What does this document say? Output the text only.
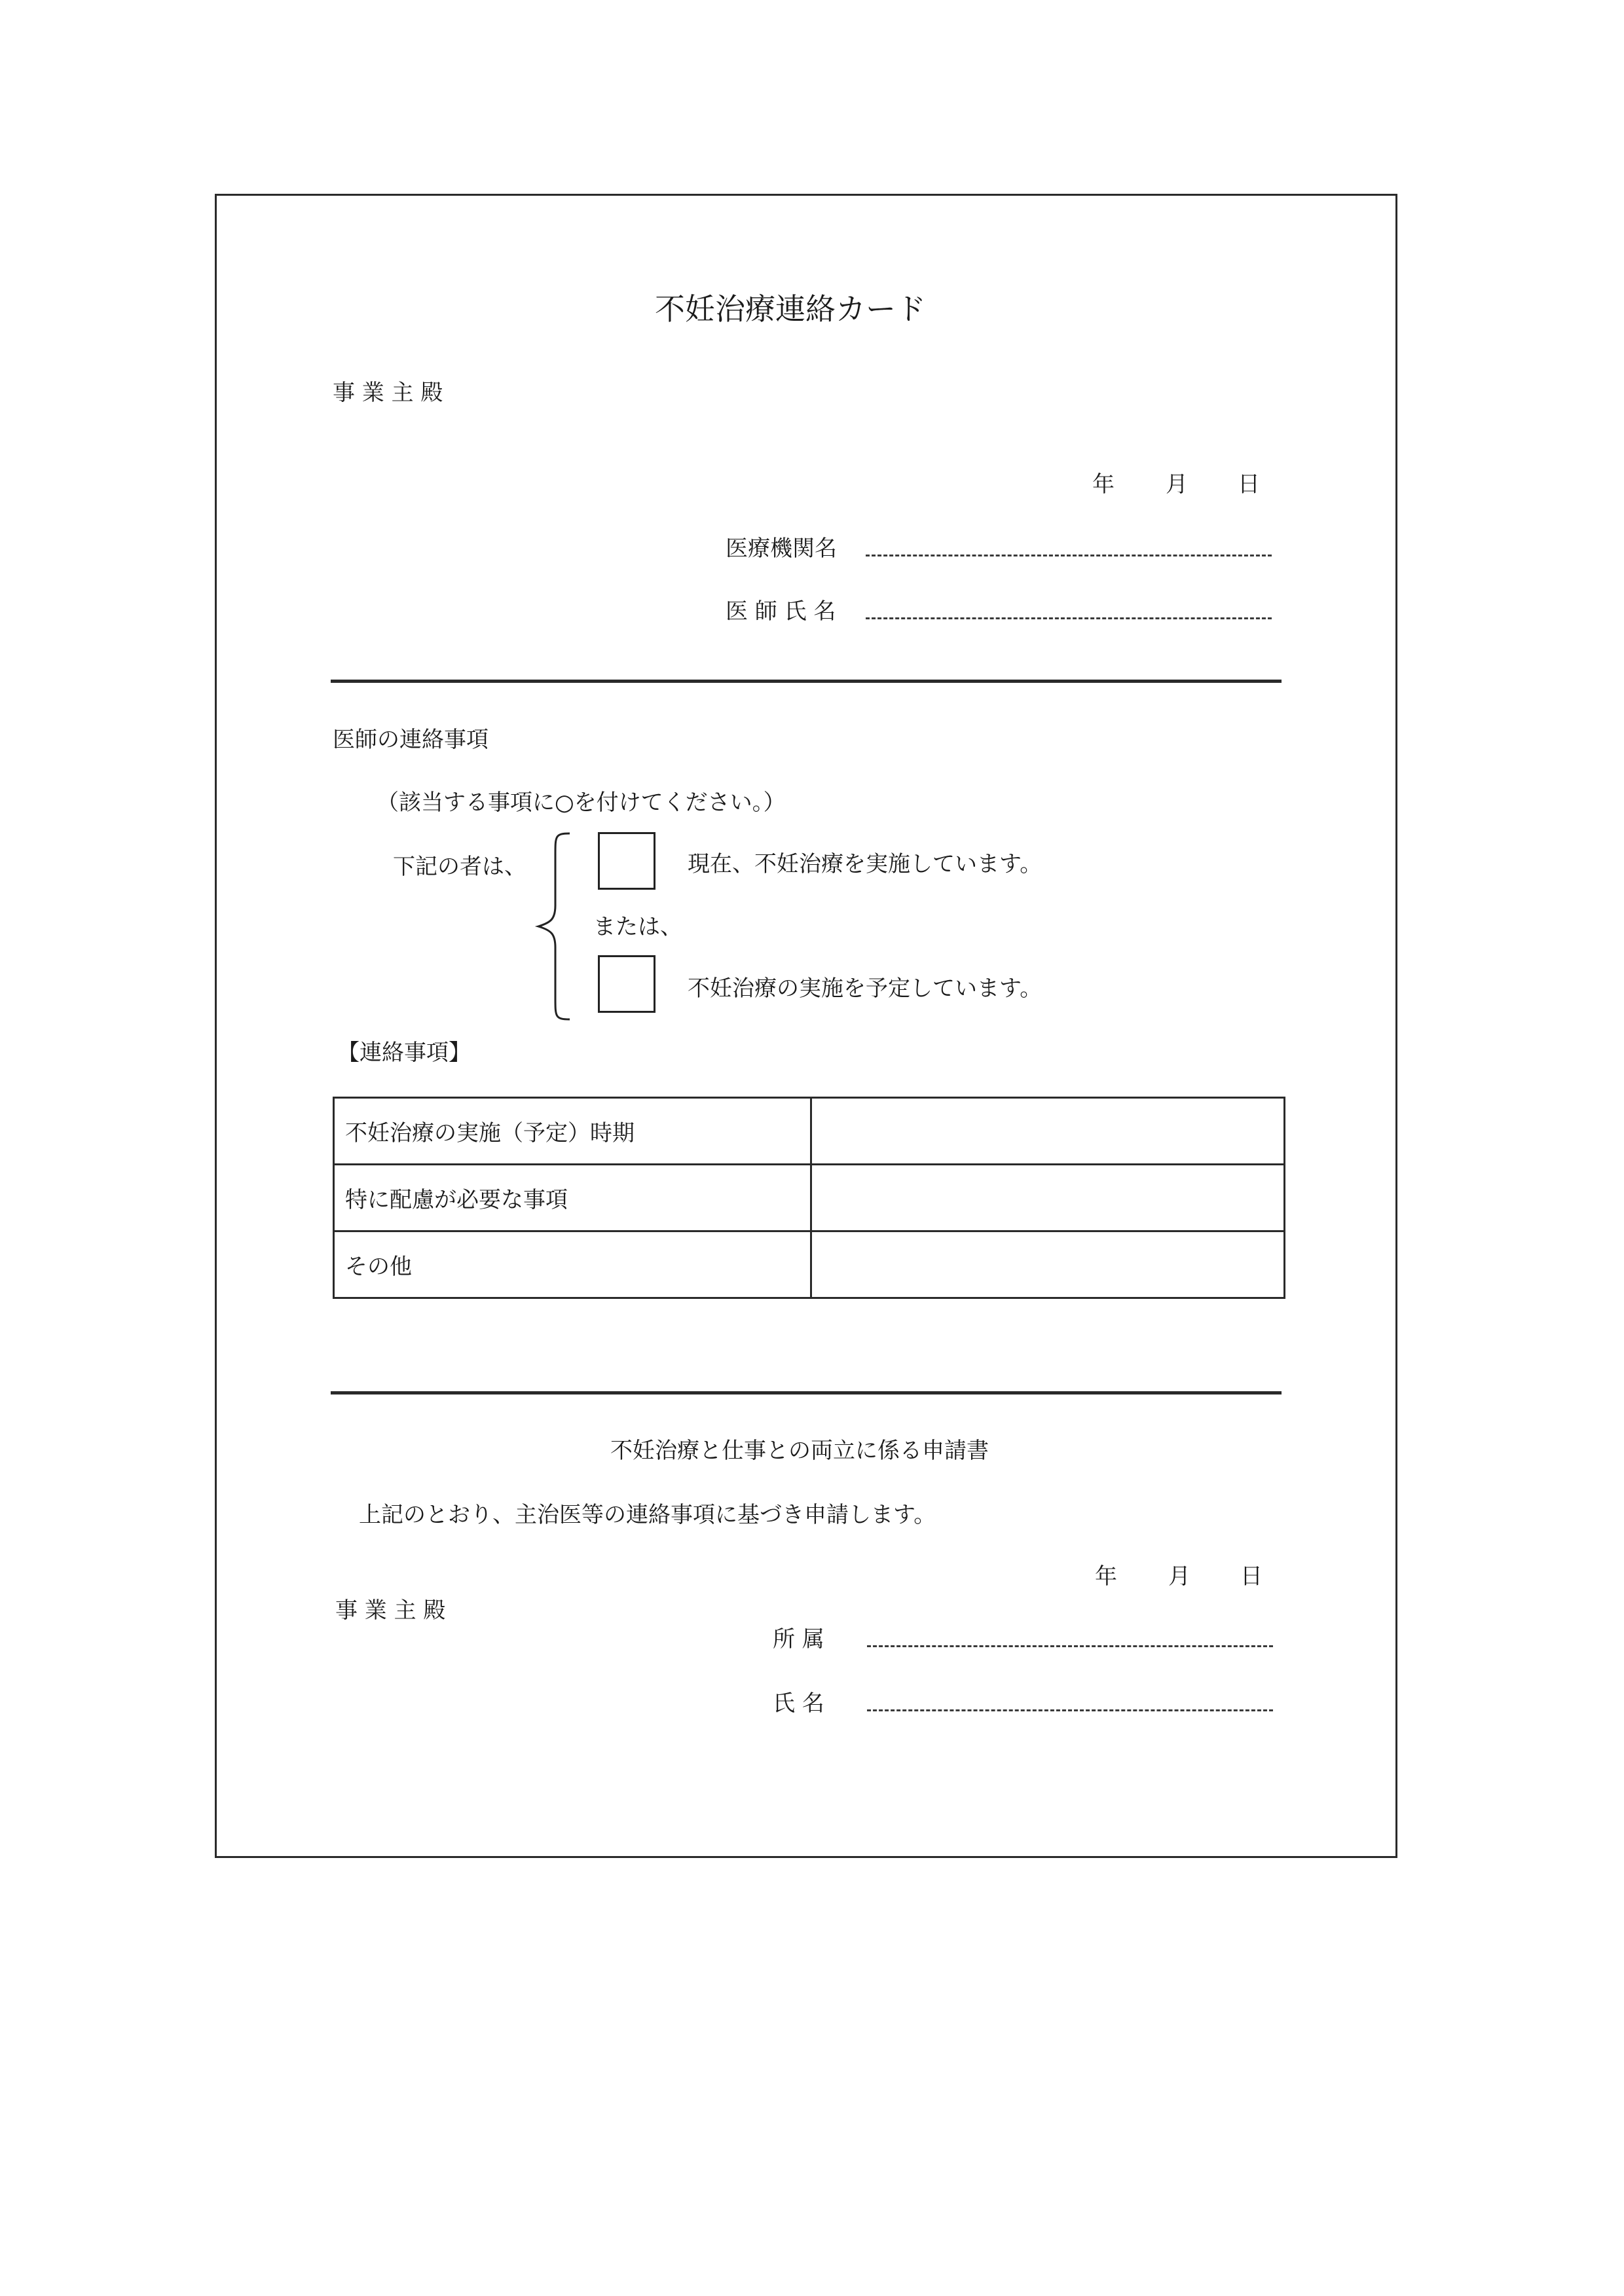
不妊治療連絡カード
事 業 主 殿
年 月 日
医療機関名
医 師 氏 名
医師の連絡事項
（該当する事項に○を付けてください。）
下記の者は、	現在、不妊治療を実施しています。
または、
不妊治療の実施を予定しています。
【連絡事項】
不妊治療の実施（予定）時期	
特に配慮が必要な事項	
その他	
不妊治療と仕事との両立に係る申請書
上記のとおり、主治医等の連絡事項に基づき申請します。
年 月 日
事 業 主 殿
所 属
氏 名
